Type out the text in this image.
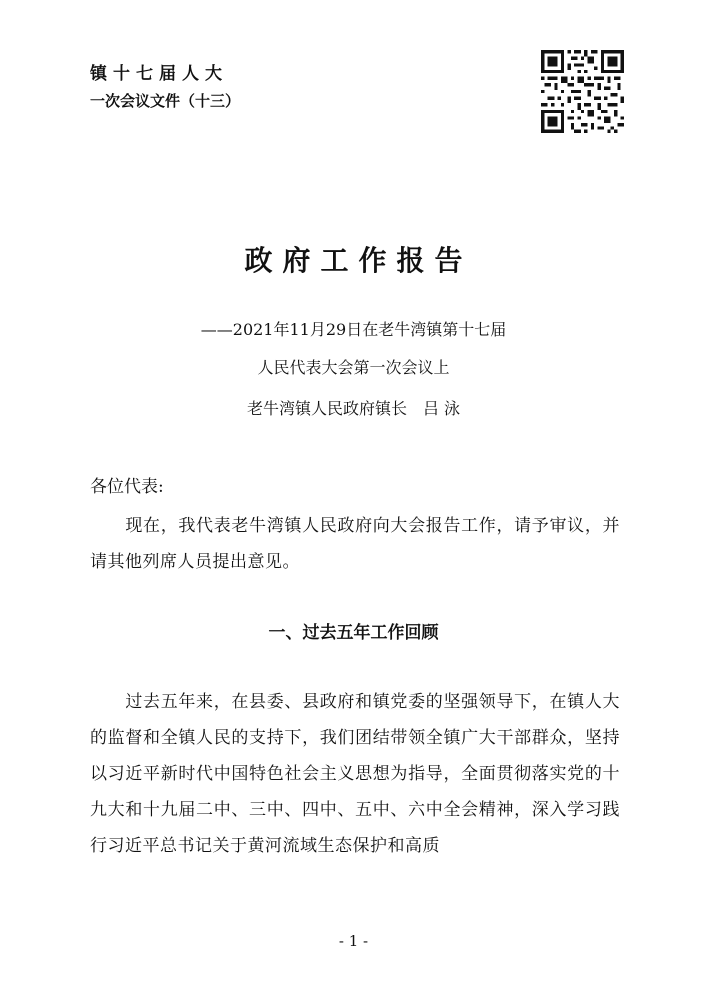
镇十七届人大
一次会议文件（十三）
政府工作报告
——2021年11月29日在老牛湾镇第十七届
人民代表大会第一次会议上
老牛湾镇人民政府镇长　吕 泳
各位代表:
　　现在，我代表老牛湾镇人民政府向大会报告工作，请予审议，并请其他列席人员提出意见。
一、过去五年工作回顾
　　过去五年来，在县委、县政府和镇党委的坚强领导下，在镇人大的监督和全镇人民的支持下，我们团结带领全镇广大干部群众，坚持以习近平新时代中国特色社会主义思想为指导，全面贯彻落实党的十九大和十九届二中、三中、四中、五中、六中全会精神，深入学习践行习近平总书记关于黄河流域生态保护和高质
- 1 -
